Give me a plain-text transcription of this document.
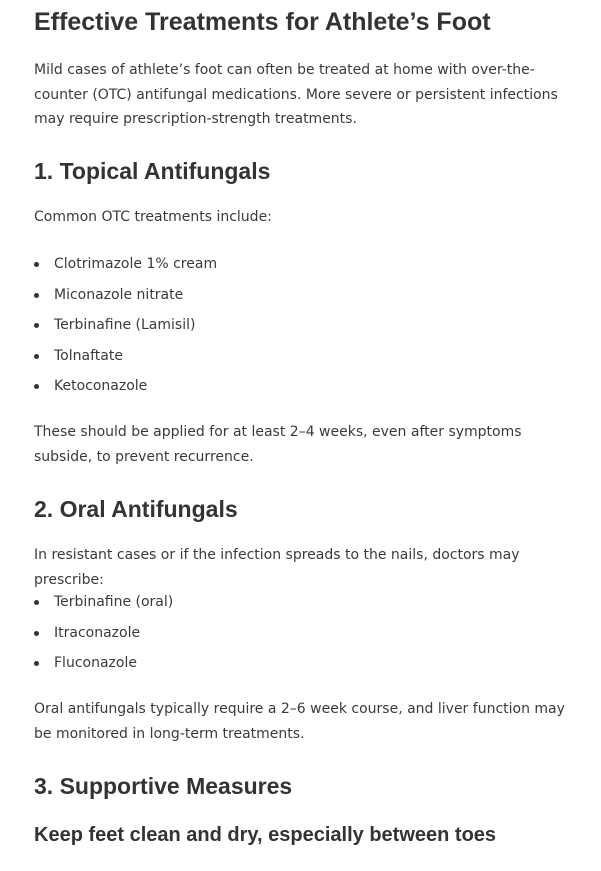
Effective Treatments for Athlete’s Foot

Mild cases of athlete’s foot can often be treated at home with over-the-counter (OTC) antifungal medications. More severe or persistent infections may require prescription-strength treatments.

1. Topical Antifungals

Common OTC treatments include:

Clotrimazole 1% cream
Miconazole nitrate
Terbinafine (Lamisil)
Tolnaftate
Ketoconazole

These should be applied for at least 2–4 weeks, even after symptoms subside, to prevent recurrence.

2. Oral Antifungals

In resistant cases or if the infection spreads to the nails, doctors may prescribe:

Terbinafine (oral)
Itraconazole
Fluconazole

Oral antifungals typically require a 2–6 week course, and liver function may be monitored in long-term treatments.

3. Supportive Measures
Keep feet clean and dry, especially between toes
